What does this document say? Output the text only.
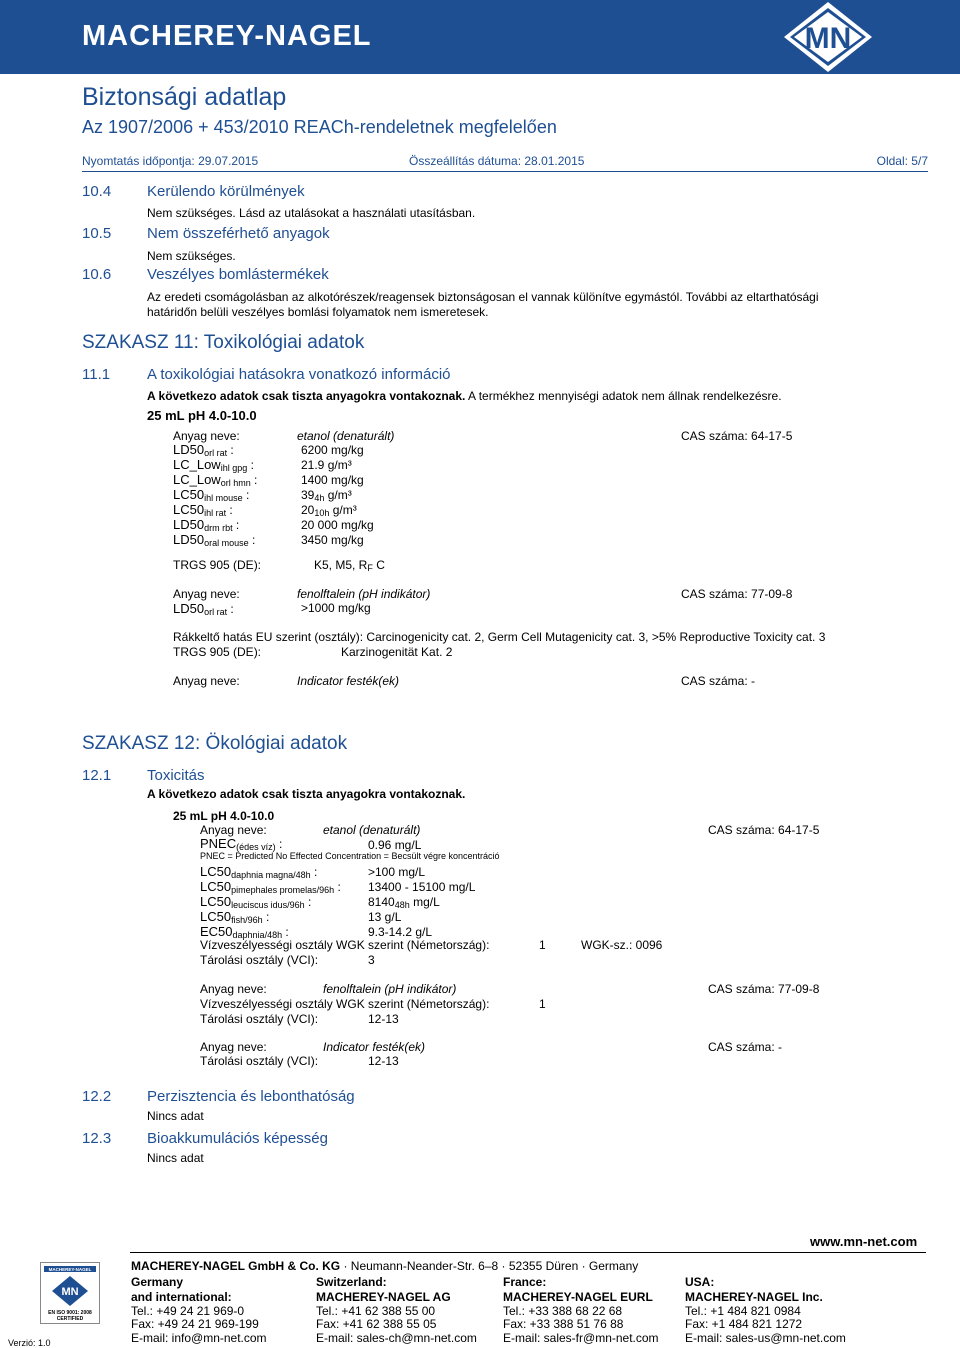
MACHEREY-NAGEL	MN
Biztonsági adatlap
Az 1907/2006 + 453/2010 REACh-rendeletnek megfelelően
Nyomtatás időpontja: 29.07.2015	Összeállítás dátuma: 28.01.2015	Oldal: 5/7
10.4 Kerülendo körülmények
Nem szükséges. Lásd az utalásokat a használati utasításban.
10.5 Nem összeférhető anyagok
Nem szükséges.
10.6 Veszélyes bomlástermékek
Az eredeti csomágolásban az alkotórészek/reagensek biztonságosan el vannak különítve egymástól. További az eltarthatósági
határidőn belüli veszélyes bomlási folyamatok nem ismeretesek.
SZAKASZ 11: Toxikológiai adatok
11.1 A toxikológiai hatásokra vonatkozó információ
A következo adatok csak tiszta anyagokra vontakoznak. A termékhez mennyiségi adatok nem állnak rendelkezésre.
25 mL pH 4.0-10.0
Anyag neve:	etanol (denaturált)	CAS száma: 64-17-5
LD50orl rat :	6200 mg/kg
LC_Lowihl gpg :	21.9 g/m³
LC_Loworl hmn :	1400 mg/kg
LC50ihl mouse :	394h g/m³
LC50ihl rat :	2010h g/m³
LD50drm rbt :	20 000 mg/kg
LD50oral mouse :	3450 mg/kg
TRGS 905 (DE):	K5, M5, RF C
Anyag neve:	fenolftalein (pH indikátor)	CAS száma: 77-09-8
LD50orl rat :	>1000 mg/kg
Rákkeltő hatás EU szerint (osztály): Carcinogenicity cat. 2, Germ Cell Mutagenicity cat. 3, >5% Reproductive Toxicity cat. 3
TRGS 905 (DE):	Karzinogenität Kat. 2
Anyag neve:	Indicator festék(ek)	CAS száma: -
SZAKASZ 12: Ökológiai adatok
12.1 Toxicitás
A következo adatok csak tiszta anyagokra vontakoznak.
25 mL pH 4.0-10.0
Anyag neve:	etanol (denaturált)	CAS száma: 64-17-5
PNEC(édes víz) :	0.96 mg/L
PNEC = Predicted No Effected Concentration = Becsült végre koncentráció
LC50daphnia magna/48h :	>100 mg/L
LC50pimephales promelas/96h : 13400 - 15100 mg/L
LC50leuciscus idus/96h :	814048h mg/L
LC50fish/96h :	13 g/L
EC50daphnia/48h :	9.3-14.2 g/L
Vízveszélyességi osztály WGK szerint (Németország):	1	WGK-sz.: 0096
Tárolási osztály (VCI):	3
Anyag neve:	fenolftalein (pH indikátor)	CAS száma: 77-09-8
Vízveszélyességi osztály WGK szerint (Németország):	1
Tárolási osztály (VCI):	12-13
Anyag neve:	Indicator festék(ek)	CAS száma: -
Tárolási osztály (VCI):	12-13
12.2 Perzisztencia és lebonthatóság
Nincs adat
12.3 Bioakkumulációs képesség
Nincs adat
MACHEREY-NAGEL
MN
EN ISO 9001: 2008
CERTIFIED
Verzió: 1.0
www.mn-net.com
MACHEREY-NAGEL GmbH & Co. KG · Neumann-Neander-Str. 6–8 · 52355 Düren · Germany
Germany
and international:
Tel.: +49 24 21 969-0
Fax: +49 24 21 969-199
E-mail: info@mn-net.com
Switzerland:
MACHEREY-NAGEL AG
Tel.: +41 62 388 55 00
Fax: +41 62 388 55 05
E-mail: sales-ch@mn-net.com
France:
MACHEREY-NAGEL EURL
Tel.: +33 388 68 22 68
Fax: +33 388 51 76 88
E-mail: sales-fr@mn-net.com
USA:
MACHEREY-NAGEL Inc.
Tel.: +1 484 821 0984
Fax: +1 484 821 1272
E-mail: sales-us@mn-net.com
